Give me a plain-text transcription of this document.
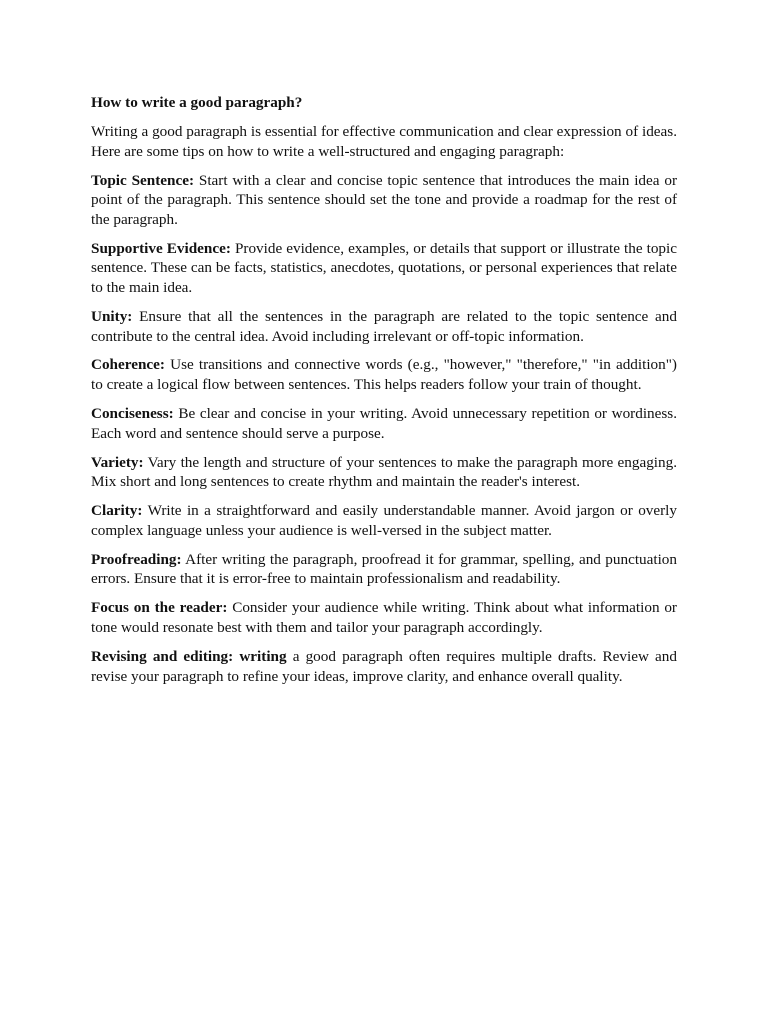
How to write a good paragraph?

Writing a good paragraph is essential for effective communication and clear expression of ideas. Here are some tips on how to write a well-structured and engaging paragraph:

Topic Sentence: Start with a clear and concise topic sentence that introduces the main idea or point of the paragraph. This sentence should set the tone and provide a roadmap for the rest of the paragraph.

Supportive Evidence: Provide evidence, examples, or details that support or illustrate the topic sentence. These can be facts, statistics, anecdotes, quotations, or personal experiences that relate to the main idea.

Unity: Ensure that all the sentences in the paragraph are related to the topic sentence and contribute to the central idea. Avoid including irrelevant or off-topic information.

Coherence: Use transitions and connective words (e.g., "however," "therefore," "in addition") to create a logical flow between sentences. This helps readers follow your train of thought.

Conciseness: Be clear and concise in your writing. Avoid unnecessary repetition or wordiness. Each word and sentence should serve a purpose.

Variety: Vary the length and structure of your sentences to make the paragraph more engaging. Mix short and long sentences to create rhythm and maintain the reader's interest.

Clarity: Write in a straightforward and easily understandable manner. Avoid jargon or overly complex language unless your audience is well-versed in the subject matter.

Proofreading: After writing the paragraph, proofread it for grammar, spelling, and punctuation errors. Ensure that it is error-free to maintain professionalism and readability.

Focus on the reader: Consider your audience while writing. Think about what information or tone would resonate best with them and tailor your paragraph accordingly.

Revising and editing: writing a good paragraph often requires multiple drafts. Review and revise your paragraph to refine your ideas, improve clarity, and enhance overall quality.
